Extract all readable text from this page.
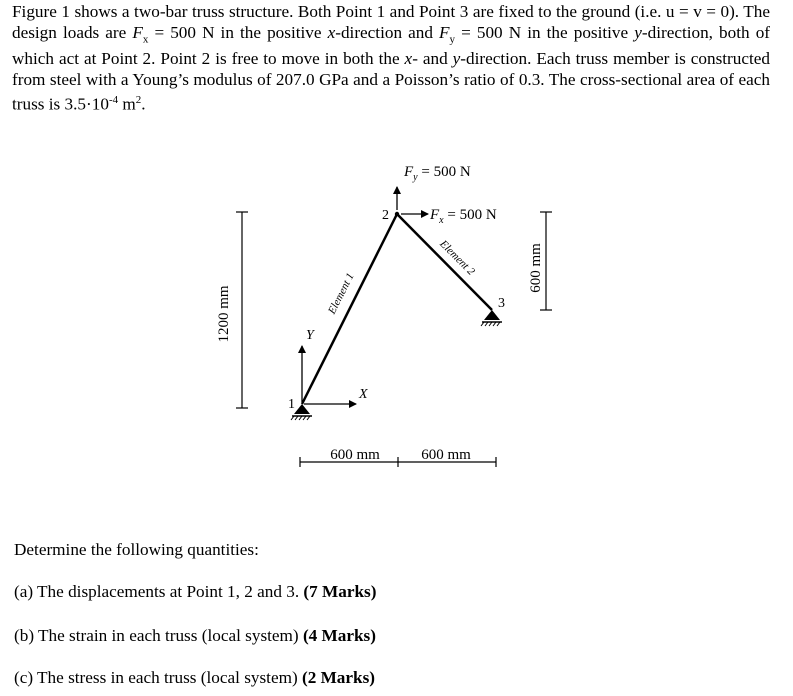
Figure 1 shows a two-bar truss structure. Both Point 1 and Point 3 are fixed to the ground (i.e. u = v = 0). The design loads are $F_x = 500$ N in the positive x-direction and $F_y = 500$ N in the positive y-direction, both of which act at Point 2. Point 2 is free to move in both the x- and y-direction. Each truss member is constructed from steel with a Young’s modulus of 207.0 GPa and a Poisson’s ratio of 0.3. The cross-sectional area of each truss is $3.5\cdot 10^{-4}$ $m^2$.

1200 mm
600 mm
600 mm	600 mm
Element 1
Element 2
1
2
3
Y
X
$F_y = 500$ N
$F_x = 500$ N
Determine the following quantities:
(a) The displacements at Point 1, 2 and 3. (7 Marks)
(b) The strain in each truss (local system) (4 Marks)
(c) The stress in each truss (local system) (2 Marks)
